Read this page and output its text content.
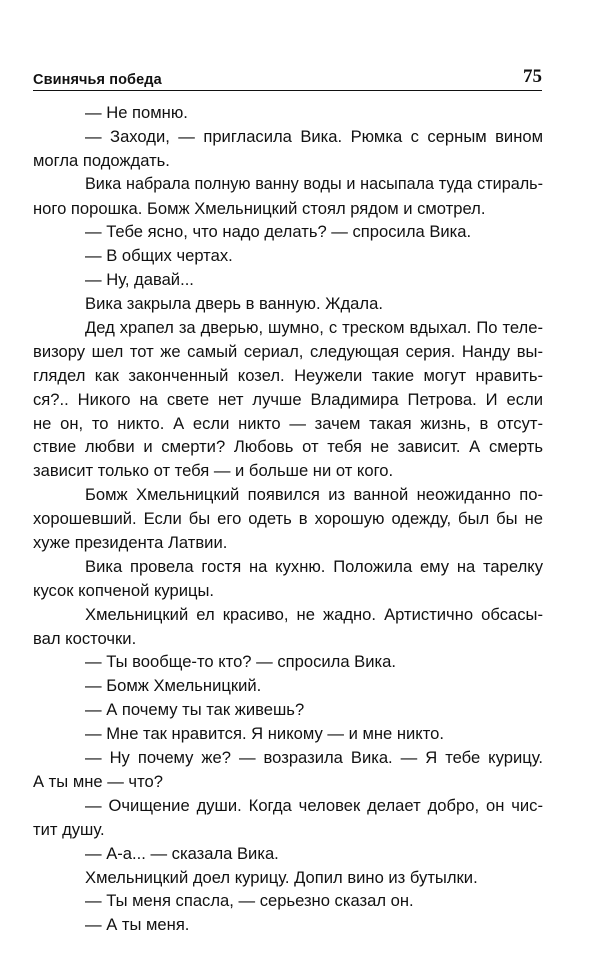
Свинячья победа	75
— Не помню.
— Заходи, — пригласила Вика. Рюмка с серным вином
могла подождать.
Вика набрала полную ванну воды и насыпала туда стираль-
ного порошка. Бомж Хмельницкий стоял рядом и смотрел.
— Тебе ясно, что надо делать? — спросила Вика.
— В общих чертах.
— Ну, давай...
Вика закрыла дверь в ванную. Ждала.
Дед храпел за дверью, шумно, с треском вдыхал. По теле-
визору шел тот же самый сериал, следующая серия. Нанду вы-
глядел как законченный козел. Неужели такие могут нравить-
ся?.. Никого на свете нет лучше Владимира Петрова. И если
не он, то никто. А если никто — зачем такая жизнь, в отсут-
ствие любви и смерти? Любовь от тебя не зависит. А смерть
зависит только от тебя — и больше ни от кого.
Бомж Хмельницкий появился из ванной неожиданно по-
хорошевший. Если бы его одеть в хорошую одежду, был бы не
хуже президента Латвии.
Вика провела гостя на кухню. Положила ему на тарелку
кусок копченой курицы.
Хмельницкий ел красиво, не жадно. Артистично обсасы-
вал косточки.
— Ты вообще-то кто? — спросила Вика.
— Бомж Хмельницкий.
— А почему ты так живешь?
— Мне так нравится. Я никому — и мне никто.
— Ну почему же? — возразила Вика. — Я тебе курицу.
А ты мне — что?
— Очищение души. Когда человек делает добро, он чис-
тит душу.
— А-а... — сказала Вика.
Хмельницкий доел курицу. Допил вино из бутылки.
— Ты меня спасла, — серьезно сказал он.
— А ты меня.
